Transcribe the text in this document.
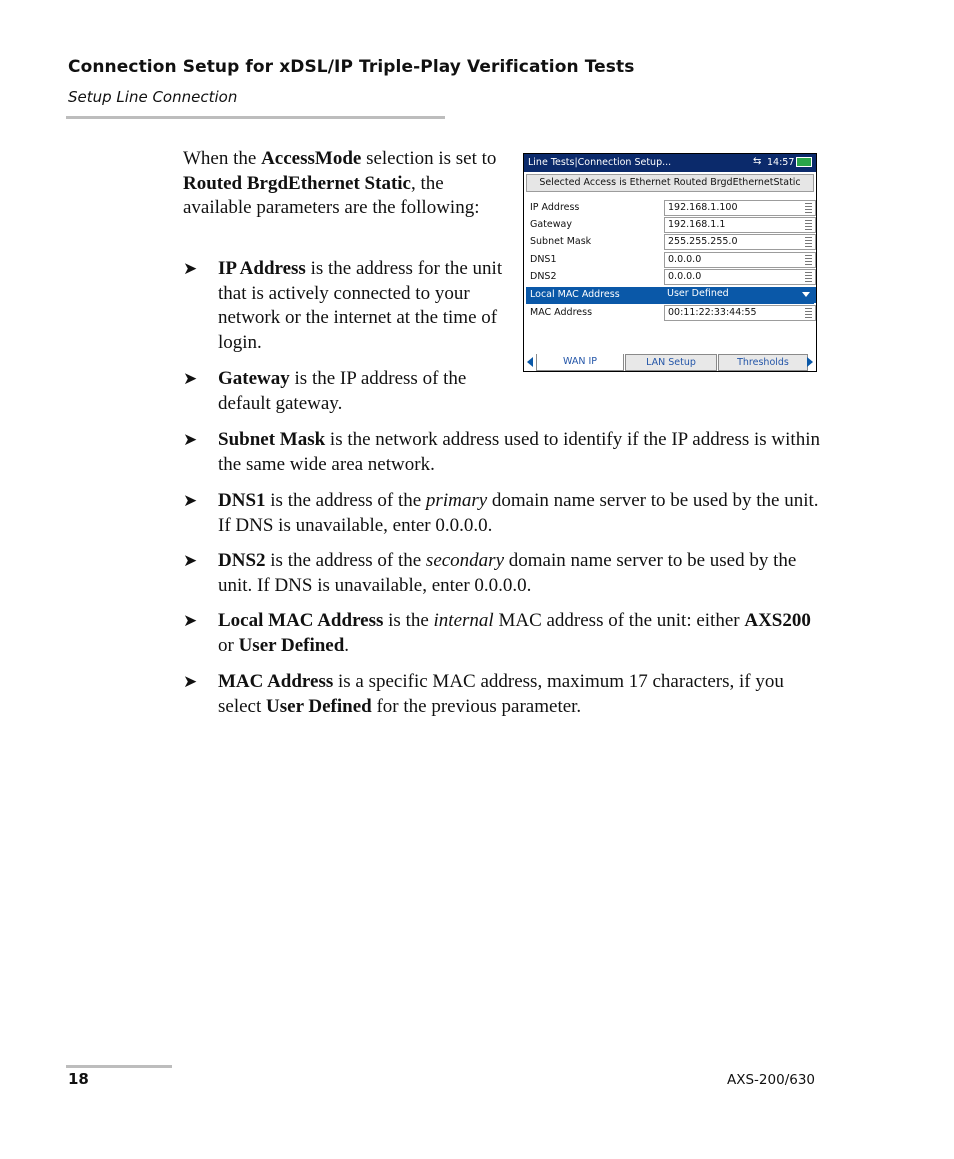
Connection Setup for xDSL/IP Triple-Play Verification Tests
Setup Line Connection

When the AccessMode selection is set to Routed BrgdEthernet Static, the available parameters are the following:

➤ IP Address is the address for the unit that is actively connected to your network or the internet at the time of login.
➤ Gateway is the IP address of the default gateway.
➤ Subnet Mask is the network address used to identify if the IP address is within the same wide area network.
➤ DNS1 is the address of the primary domain name server to be used by the unit. If DNS is unavailable, enter 0.0.0.0.
➤ DNS2 is the address of the secondary domain name server to be used by the unit. If DNS is unavailable, enter 0.0.0.0.
➤ Local MAC Address is the internal MAC address of the unit: either AXS200 or User Defined.
➤ MAC Address is a specific MAC address, maximum 17 characters, if you select User Defined for the previous parameter.
Line Tests|Connection Setup...	⇆ 14:57
Selected Access is Ethernet Routed BrgdEthernetStatic
IP Address	192.168.1.100
Gateway	192.168.1.1
Subnet Mask	255.255.255.0
DNS1	0.0.0.0
DNS2	0.0.0.0
Local MAC Address	User Defined
MAC Address	00:11:22:33:44:55
WAN IP	LAN Setup	Thresholds
18	AXS-200/630
